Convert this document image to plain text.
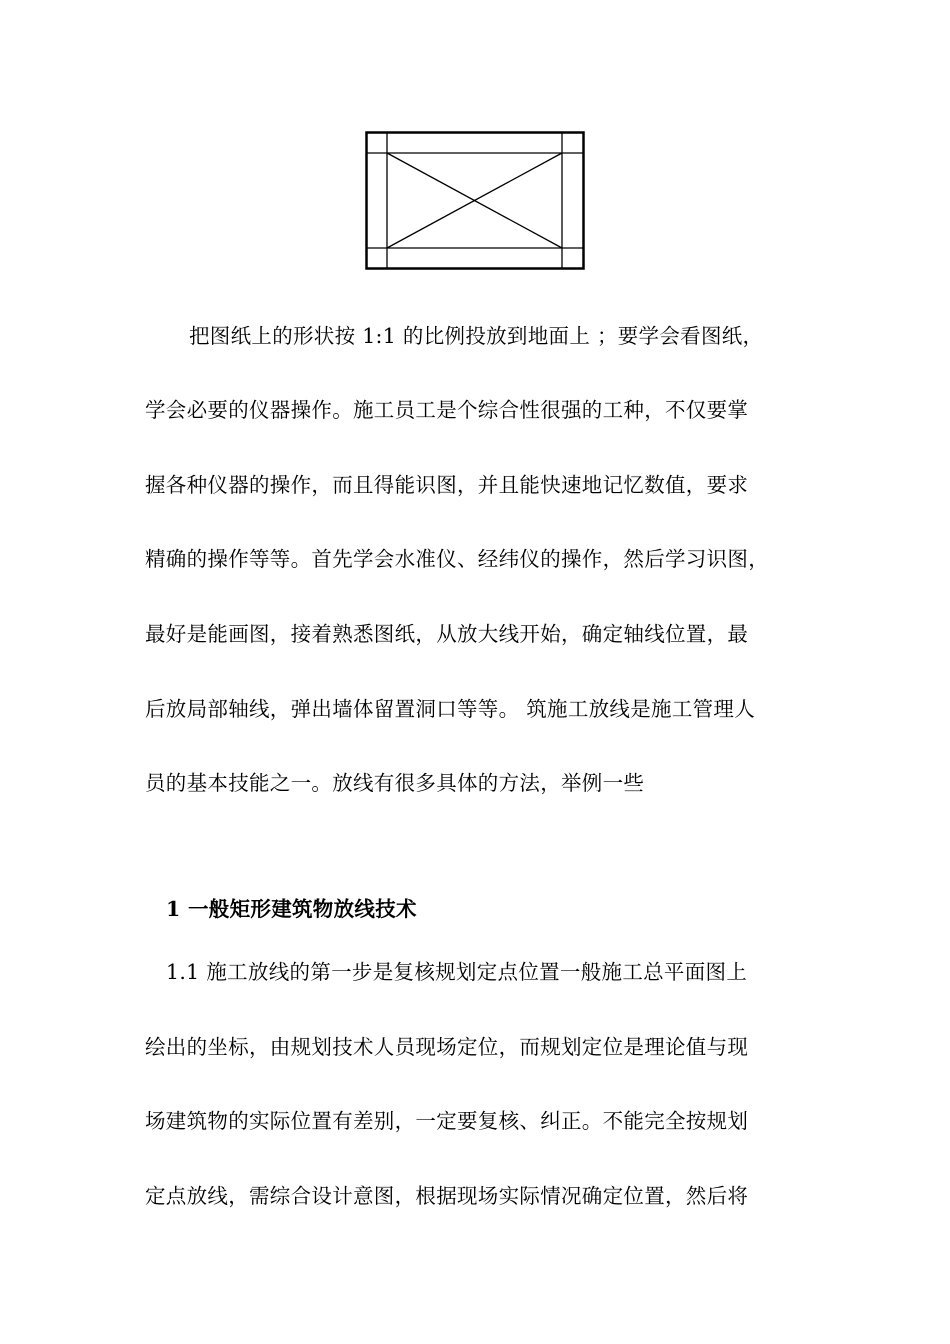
把图纸上的形状按 1:1 的比例投放到地面上 ；要学会看图纸，
学会必要的仪器操作。施工员工是个综合性很强的工种，不仅要掌
握各种仪器的操作，而且得能识图，并且能快速地记忆数值，要求
精确的操作等等。首先学会水准仪、经纬仪的操作，然后学习识图，
最好是能画图，接着熟悉图纸，从放大线开始，确定轴线位置，最
后放局部轴线，弹出墙体留置洞口等等。 筑施工放线是施工管理人
员的基本技能之一。放线有很多具体的方法，举例一些
1 一般矩形建筑物放线技术
1.1 施工放线的第一步是复核规划定点位置一般施工总平面图上
绘出的坐标，由规划技术人员现场定位，而规划定位是理论值与现
场建筑物的实际位置有差别，一定要复核、纠正。不能完全按规划
定点放线，需综合设计意图，根据现场实际情况确定位置，然后将
